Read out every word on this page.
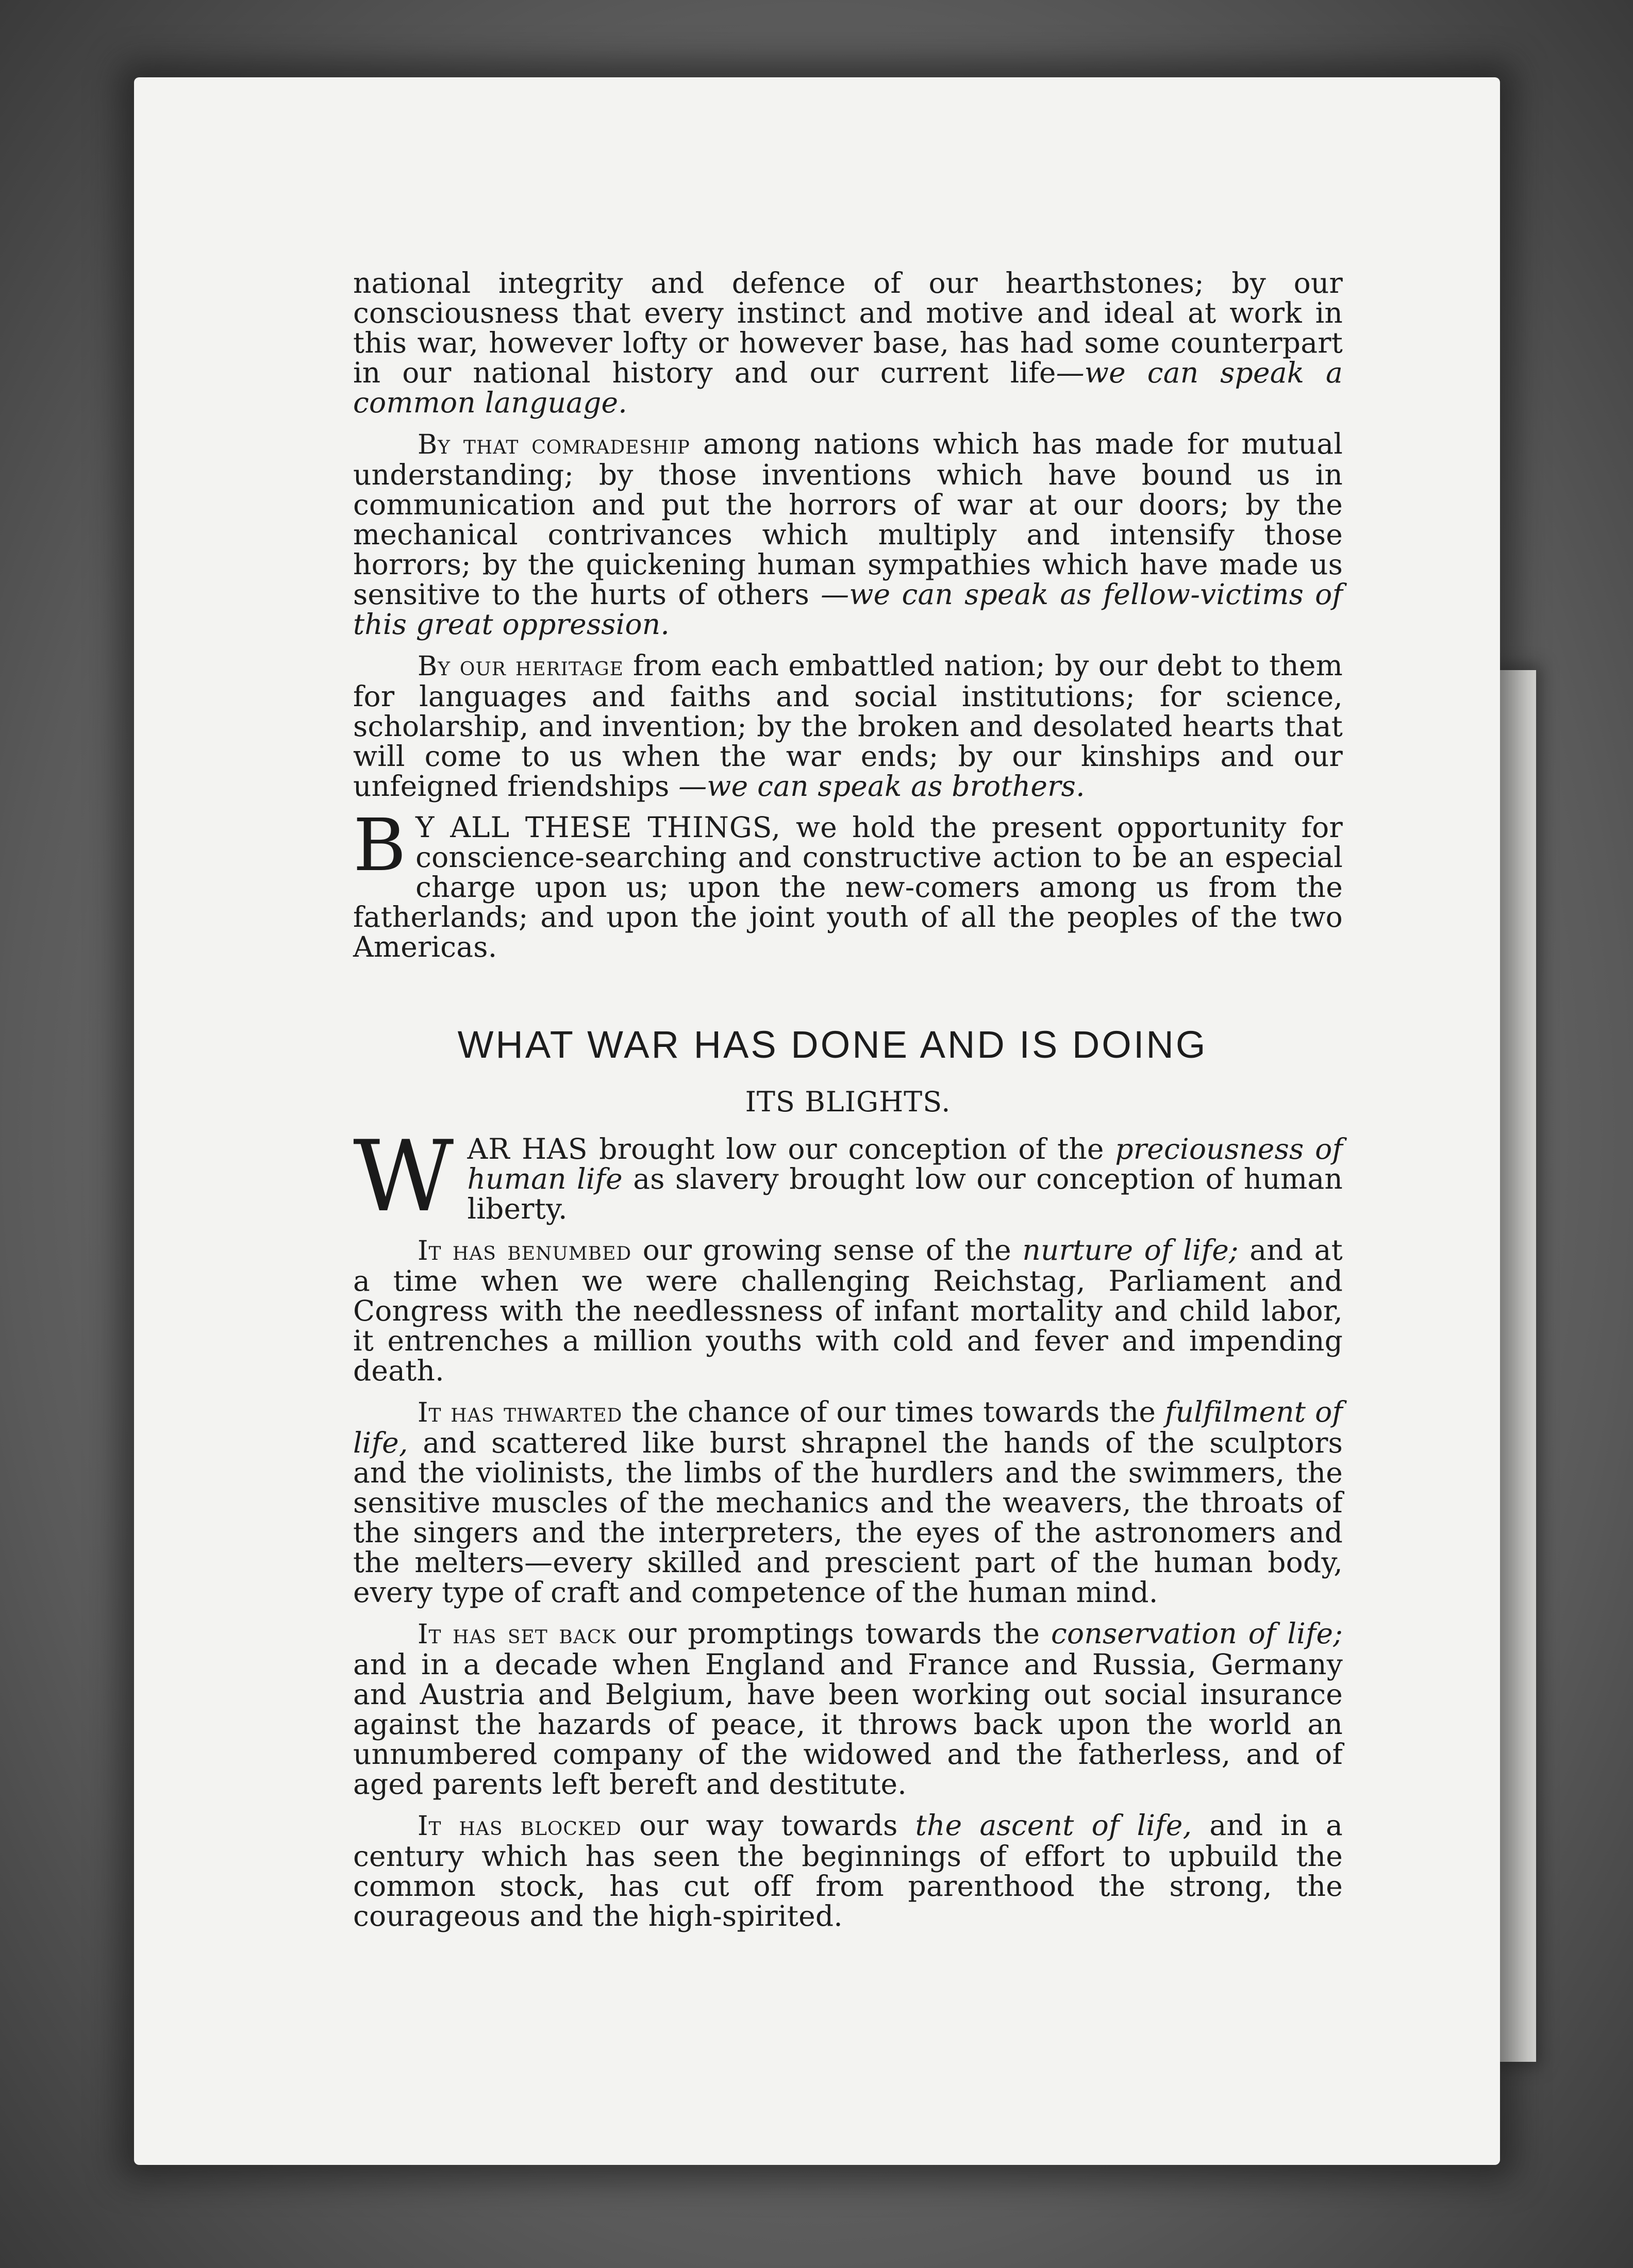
national integrity and defence of our hearthstones; by our consciousness that every instinct and motive and ideal at work in this war, however lofty or however base, has had some counterpart in our national history and our current life—we can speak a common language.

By that comradeship among nations which has made for mutual understanding; by those inventions which have bound us in communication and put the horrors of war at our doors; by the mechanical contrivances which multiply and intensify those horrors; by the quickening human sympathies which have made us sensitive to the hurts of others —we can speak as fellow-victims of this great oppression.

By our heritage from each embattled nation; by our debt to them for languages and faiths and social institutions; for science, scholarship, and invention; by the broken and desolated hearts that will come to us when the war ends; by our kinships and our unfeigned friendships —we can speak as brothers.

B Y ALL THESE THINGS, we hold the present opportunity for conscience-searching and constructive action to be an especial charge upon us; upon the new-comers among us from the fatherlands; and upon the joint youth of all the peoples of the two Americas.

WHAT WAR HAS DONE AND IS DOING
ITS BLIGHTS.

WAR HAS brought low our conception of the preciousness of human life as slavery brought low our conception of human liberty.

It has benumbed our growing sense of the nurture of life; and at a time when we were challenging Reichstag, Parliament and Congress with the needlessness of infant mortality and child labor, it entrenches a million youths with cold and fever and impending death.

It has thwarted the chance of our times towards the fulfilment of life, and scattered like burst shrapnel the hands of the sculptors and the violinists, the limbs of the hurdlers and the swimmers, the sensitive muscles of the mechanics and the weavers, the throats of the singers and the interpreters, the eyes of the astronomers and the melters—every skilled and prescient part of the human body, every type of craft and competence of the human mind.

It has set back our promptings towards the conservation of life; and in a decade when England and France and Russia, Germany and Austria and Belgium, have been working out social insurance against the hazards of peace, it throws back upon the world an unnumbered company of the widowed and the fatherless, and of aged parents left bereft and destitute.

It has blocked our way towards the ascent of life, and in a century which has seen the beginnings of effort to upbuild the common stock, has cut off from parenthood the strong, the courageous and the high-spirited.
